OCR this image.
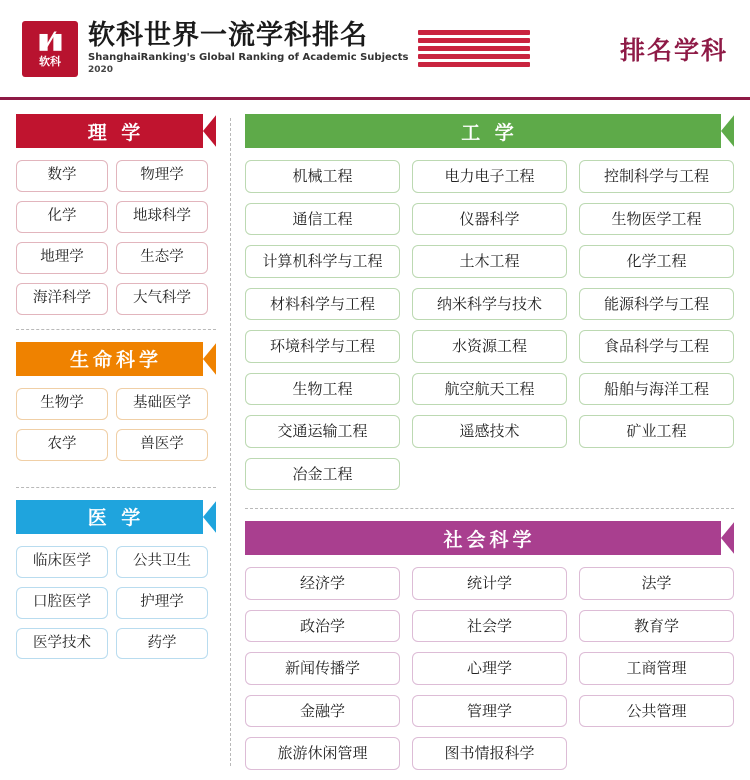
▮⁄▮
软科
软科世界一流学科排名
ShanghaiRanking's Global Ranking of Academic Subjects
2020
排名学科
理 学
数学	物理学
化学	地球科学
地理学	生态学
海洋科学	大气科学
生命科学
生物学	基础医学
农学	兽医学
医 学
临床医学	公共卫生
口腔医学	护理学
医学技术	药学
工 学
机械工程	电力电子工程	控制科学与工程
通信工程	仪器科学	生物医学工程
计算机科学与工程	土木工程	化学工程
材料科学与工程	纳米科学与技术	能源科学与工程
环境科学与工程	水资源工程	食品科学与工程
生物工程	航空航天工程	船舶与海洋工程
交通运输工程	遥感技术	矿业工程
冶金工程
社会科学
经济学	统计学	法学
政治学	社会学	教育学
新闻传播学	心理学	工商管理
金融学	管理学	公共管理
旅游休闲管理	图书情报科学
